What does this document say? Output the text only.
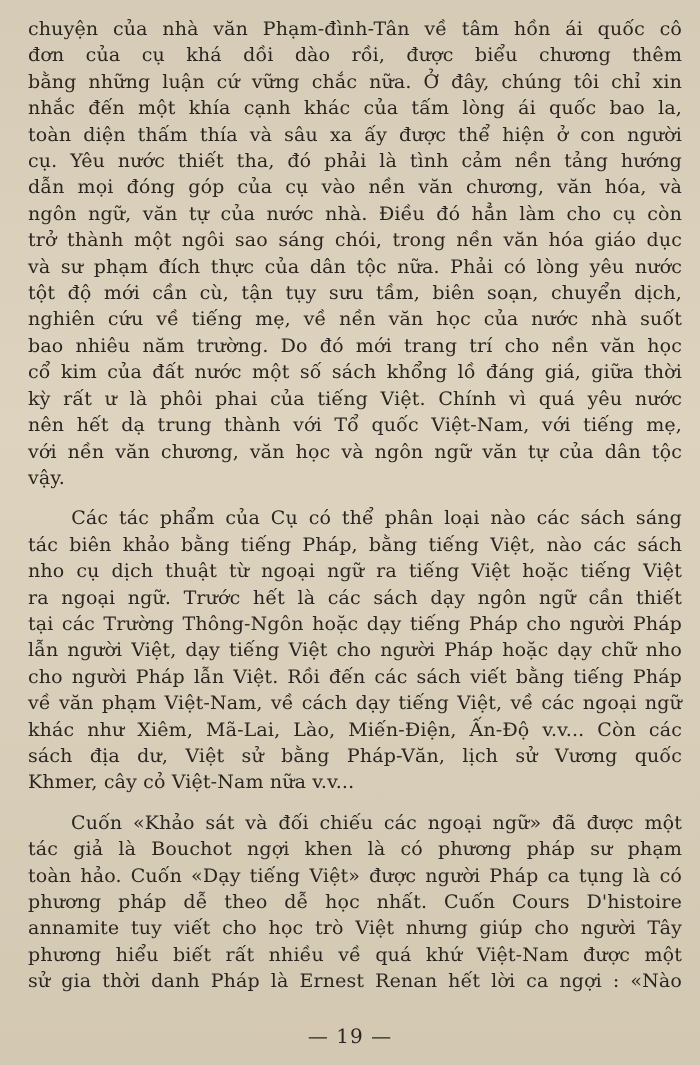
chuyện của nhà văn Phạm-đình-Tân về tâm hồn ái quốc cô
đơn của cụ khá dồi dào rồi, được biểu chương thêm
bằng những luận cứ vững chắc nữa. Ở đây, chúng tôi chỉ xin
nhắc đến một khía cạnh khác của tấm lòng ái quốc bao la,
toàn diện thấm thía và sâu xa ấy được thể hiện ở con người
cụ. Yêu nước thiết tha, đó phải là tình cảm nền tảng hướng
dẫn mọi đóng góp của cụ vào nền văn chương, văn hóa, và
ngôn ngữ, văn tự của nước nhà. Điều đó hẳn làm cho cụ còn
trở thành một ngôi sao sáng chói, trong nền văn hóa giáo dục
và sư phạm đích thực của dân tộc nữa. Phải có lòng yêu nước
tột độ mới cần cù, tận tụy sưu tầm, biên soạn, chuyển dịch,
nghiên cứu về tiếng mẹ, về nền văn học của nước nhà suốt
bao nhiêu năm trường. Do đó mới trang trí cho nền văn học
cổ kim của đất nước một số sách khổng lồ đáng giá, giữa thời
kỳ rất ư là phôi phai của tiếng Việt. Chính vì quá yêu nước
nên hết dạ trung thành với Tổ quốc Việt-Nam, với tiếng mẹ,
với nền văn chương, văn học và ngôn ngữ văn tự của dân tộc
vậy.
Các tác phẩm của Cụ có thể phân loại nào các sách sáng
tác biên khảo bằng tiếng Pháp, bằng tiếng Việt, nào các sách
nho cụ dịch thuật từ ngoại ngữ ra tiếng Việt hoặc tiếng Việt
ra ngoại ngữ. Trước hết là các sách dạy ngôn ngữ cần thiết
tại các Trường Thông-Ngôn hoặc dạy tiếng Pháp cho người Pháp
lẫn người Việt, dạy tiếng Việt cho người Pháp hoặc dạy chữ nho
cho người Pháp lẫn Việt. Rồi đến các sách viết bằng tiếng Pháp
về văn phạm Việt-Nam, về cách dạy tiếng Việt, về các ngoại ngữ
khác như Xiêm, Mã-Lai, Lào, Miến-Điện, Ấn-Độ v.v... Còn các
sách địa dư, Việt sử bằng Pháp-Văn, lịch sử Vương quốc
Khmer, cây cỏ Việt-Nam nữa v.v...
Cuốn «Khảo sát và đối chiếu các ngoại ngữ» đã được một
tác giả là Bouchot ngợi khen là có phương pháp sư phạm
toàn hảo. Cuốn «Dạy tiếng Việt» được người Pháp ca tụng là có
phương pháp dễ theo dễ học nhất. Cuốn Cours D'histoire
annamite tuy viết cho học trò Việt nhưng giúp cho người Tây
phương hiểu biết rất nhiều về quá khứ Việt-Nam được một
sử gia thời danh Pháp là Ernest Renan hết lời ca ngợi : «Nào
— 19 —
